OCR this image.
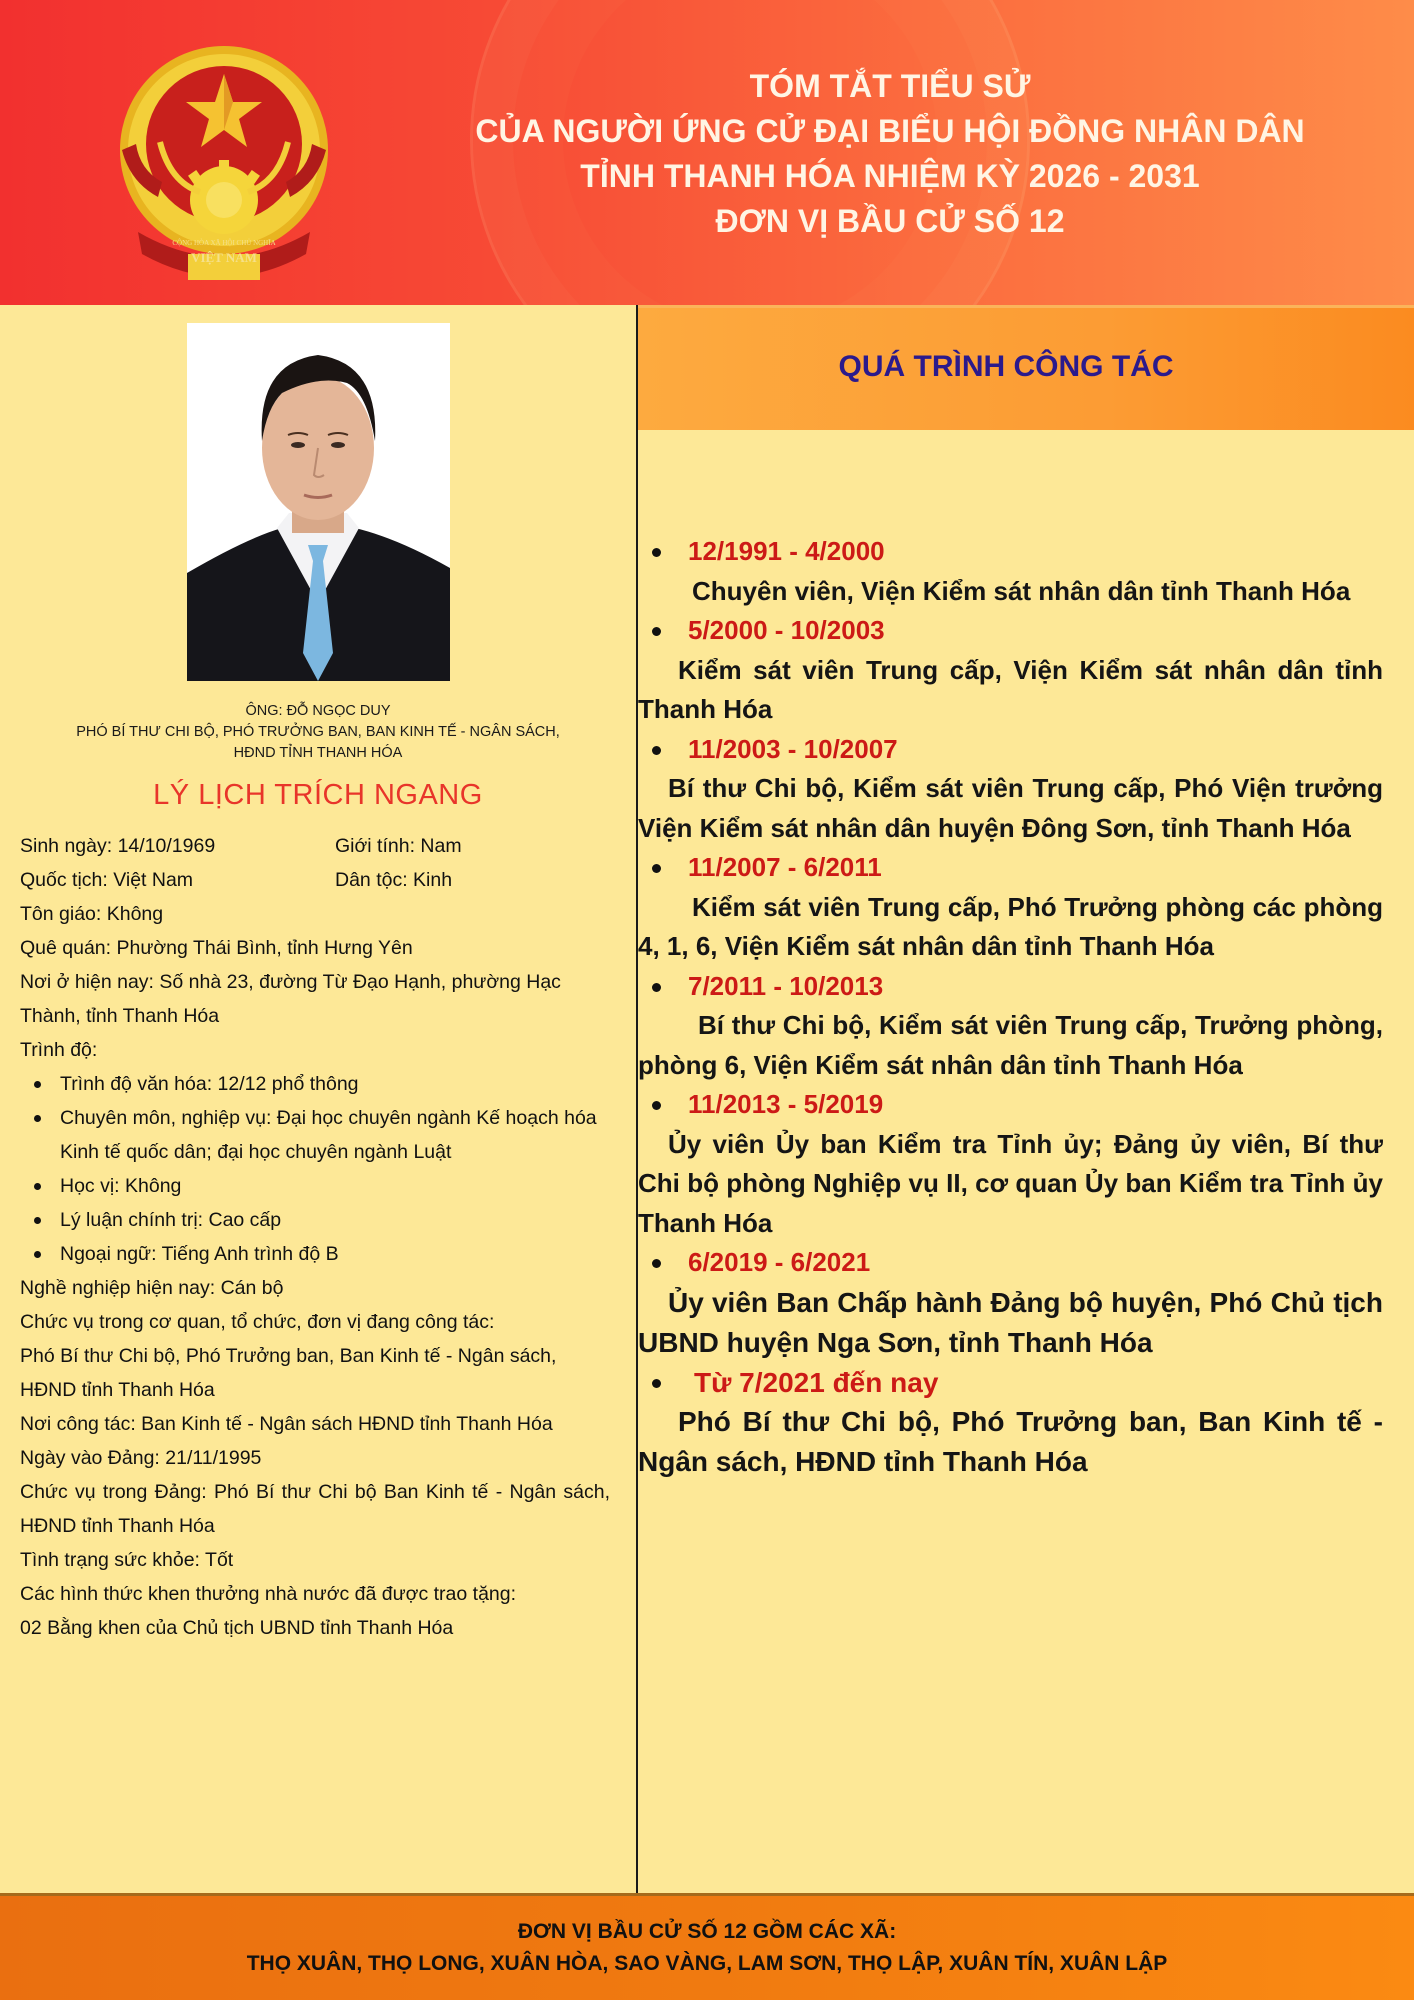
CỘNG HÒA XÃ HỘI CHỦ NGHĨA
VIỆT NAM
TÓM TẮT TIỂU SỬ
CỦA NGƯỜI ỨNG CỬ ĐẠI BIỂU HỘI ĐỒNG NHÂN DÂN
TỈNH THANH HÓA NHIỆM KỲ 2026 - 2031
ĐƠN VỊ BẦU CỬ SỐ 12
ÔNG: ĐỖ NGỌC DUY
PHÓ BÍ THƯ CHI BỘ, PHÓ TRƯỞNG BAN, BAN KINH TẾ - NGÂN SÁCH,
HĐND TỈNH THANH HÓA
LÝ LỊCH TRÍCH NGANG
Sinh ngày: 14/10/1969	Giới tính: Nam
Quốc tịch: Việt Nam	Dân tộc: Kinh
Tôn giáo: Không
Quê quán: Phường Thái Bình, tỉnh Hưng Yên
Nơi ở hiện nay: Số nhà 23, đường Từ Đạo Hạnh, phường Hạc Thành, tỉnh Thanh Hóa
Trình độ:
Trình độ văn hóa: 12/12 phổ thông
Chuyên môn, nghiệp vụ: Đại học chuyên ngành Kế hoạch hóa Kinh tế quốc dân; đại học chuyên ngành Luật
Học vị: Không
Lý luận chính trị: Cao cấp
Ngoại ngữ: Tiếng Anh trình độ B
Nghề nghiệp hiện nay: Cán bộ
Chức vụ trong cơ quan, tổ chức, đơn vị đang công tác:
Phó Bí thư Chi bộ, Phó Trưởng ban, Ban Kinh tế - Ngân sách, HĐND tỉnh Thanh Hóa
Nơi công tác: Ban Kinh tế - Ngân sách HĐND tỉnh Thanh Hóa
Ngày vào Đảng: 21/11/1995
Chức vụ trong Đảng: Phó Bí thư Chi bộ Ban Kinh tế - Ngân sách, HĐND tỉnh Thanh Hóa
Tình trạng sức khỏe: Tốt
Các hình thức khen thưởng nhà nước đã được trao tặng:
02 Bằng khen của Chủ tịch UBND tỉnh Thanh Hóa
QUÁ TRÌNH CÔNG TÁC
12/1991 - 4/2000
Chuyên viên, Viện Kiểm sát nhân dân tỉnh Thanh Hóa
5/2000 - 10/2003
Kiểm sát viên Trung cấp, Viện Kiểm sát nhân dân tỉnh Thanh Hóa
11/2003 - 10/2007
Bí thư Chi bộ, Kiểm sát viên Trung cấp, Phó Viện trưởng Viện Kiểm sát nhân dân huyện Đông Sơn, tỉnh Thanh Hóa
11/2007 - 6/2011
Kiểm sát viên Trung cấp, Phó Trưởng phòng các phòng 4, 1, 6, Viện Kiểm sát nhân dân tỉnh Thanh Hóa
7/2011 - 10/2013
Bí thư Chi bộ, Kiểm sát viên Trung cấp, Trưởng phòng, phòng 6, Viện Kiểm sát nhân dân tỉnh Thanh Hóa
11/2013 - 5/2019
Ủy viên Ủy ban Kiểm tra Tỉnh ủy; Đảng ủy viên, Bí thư Chi bộ phòng Nghiệp vụ II, cơ quan Ủy ban Kiểm tra Tỉnh ủy Thanh Hóa
6/2019 - 6/2021
Ủy viên Ban Chấp hành Đảng bộ huyện, Phó Chủ tịch UBND huyện Nga Sơn, tỉnh Thanh Hóa
Từ 7/2021 đến nay
Phó Bí thư Chi bộ, Phó Trưởng ban, Ban Kinh tế - Ngân sách, HĐND tỉnh Thanh Hóa
ĐƠN VỊ BẦU CỬ SỐ 12 GỒM CÁC XÃ:
THỌ XUÂN, THỌ LONG, XUÂN HÒA, SAO VÀNG, LAM SƠN, THỌ LẬP, XUÂN TÍN, XUÂN LẬP
